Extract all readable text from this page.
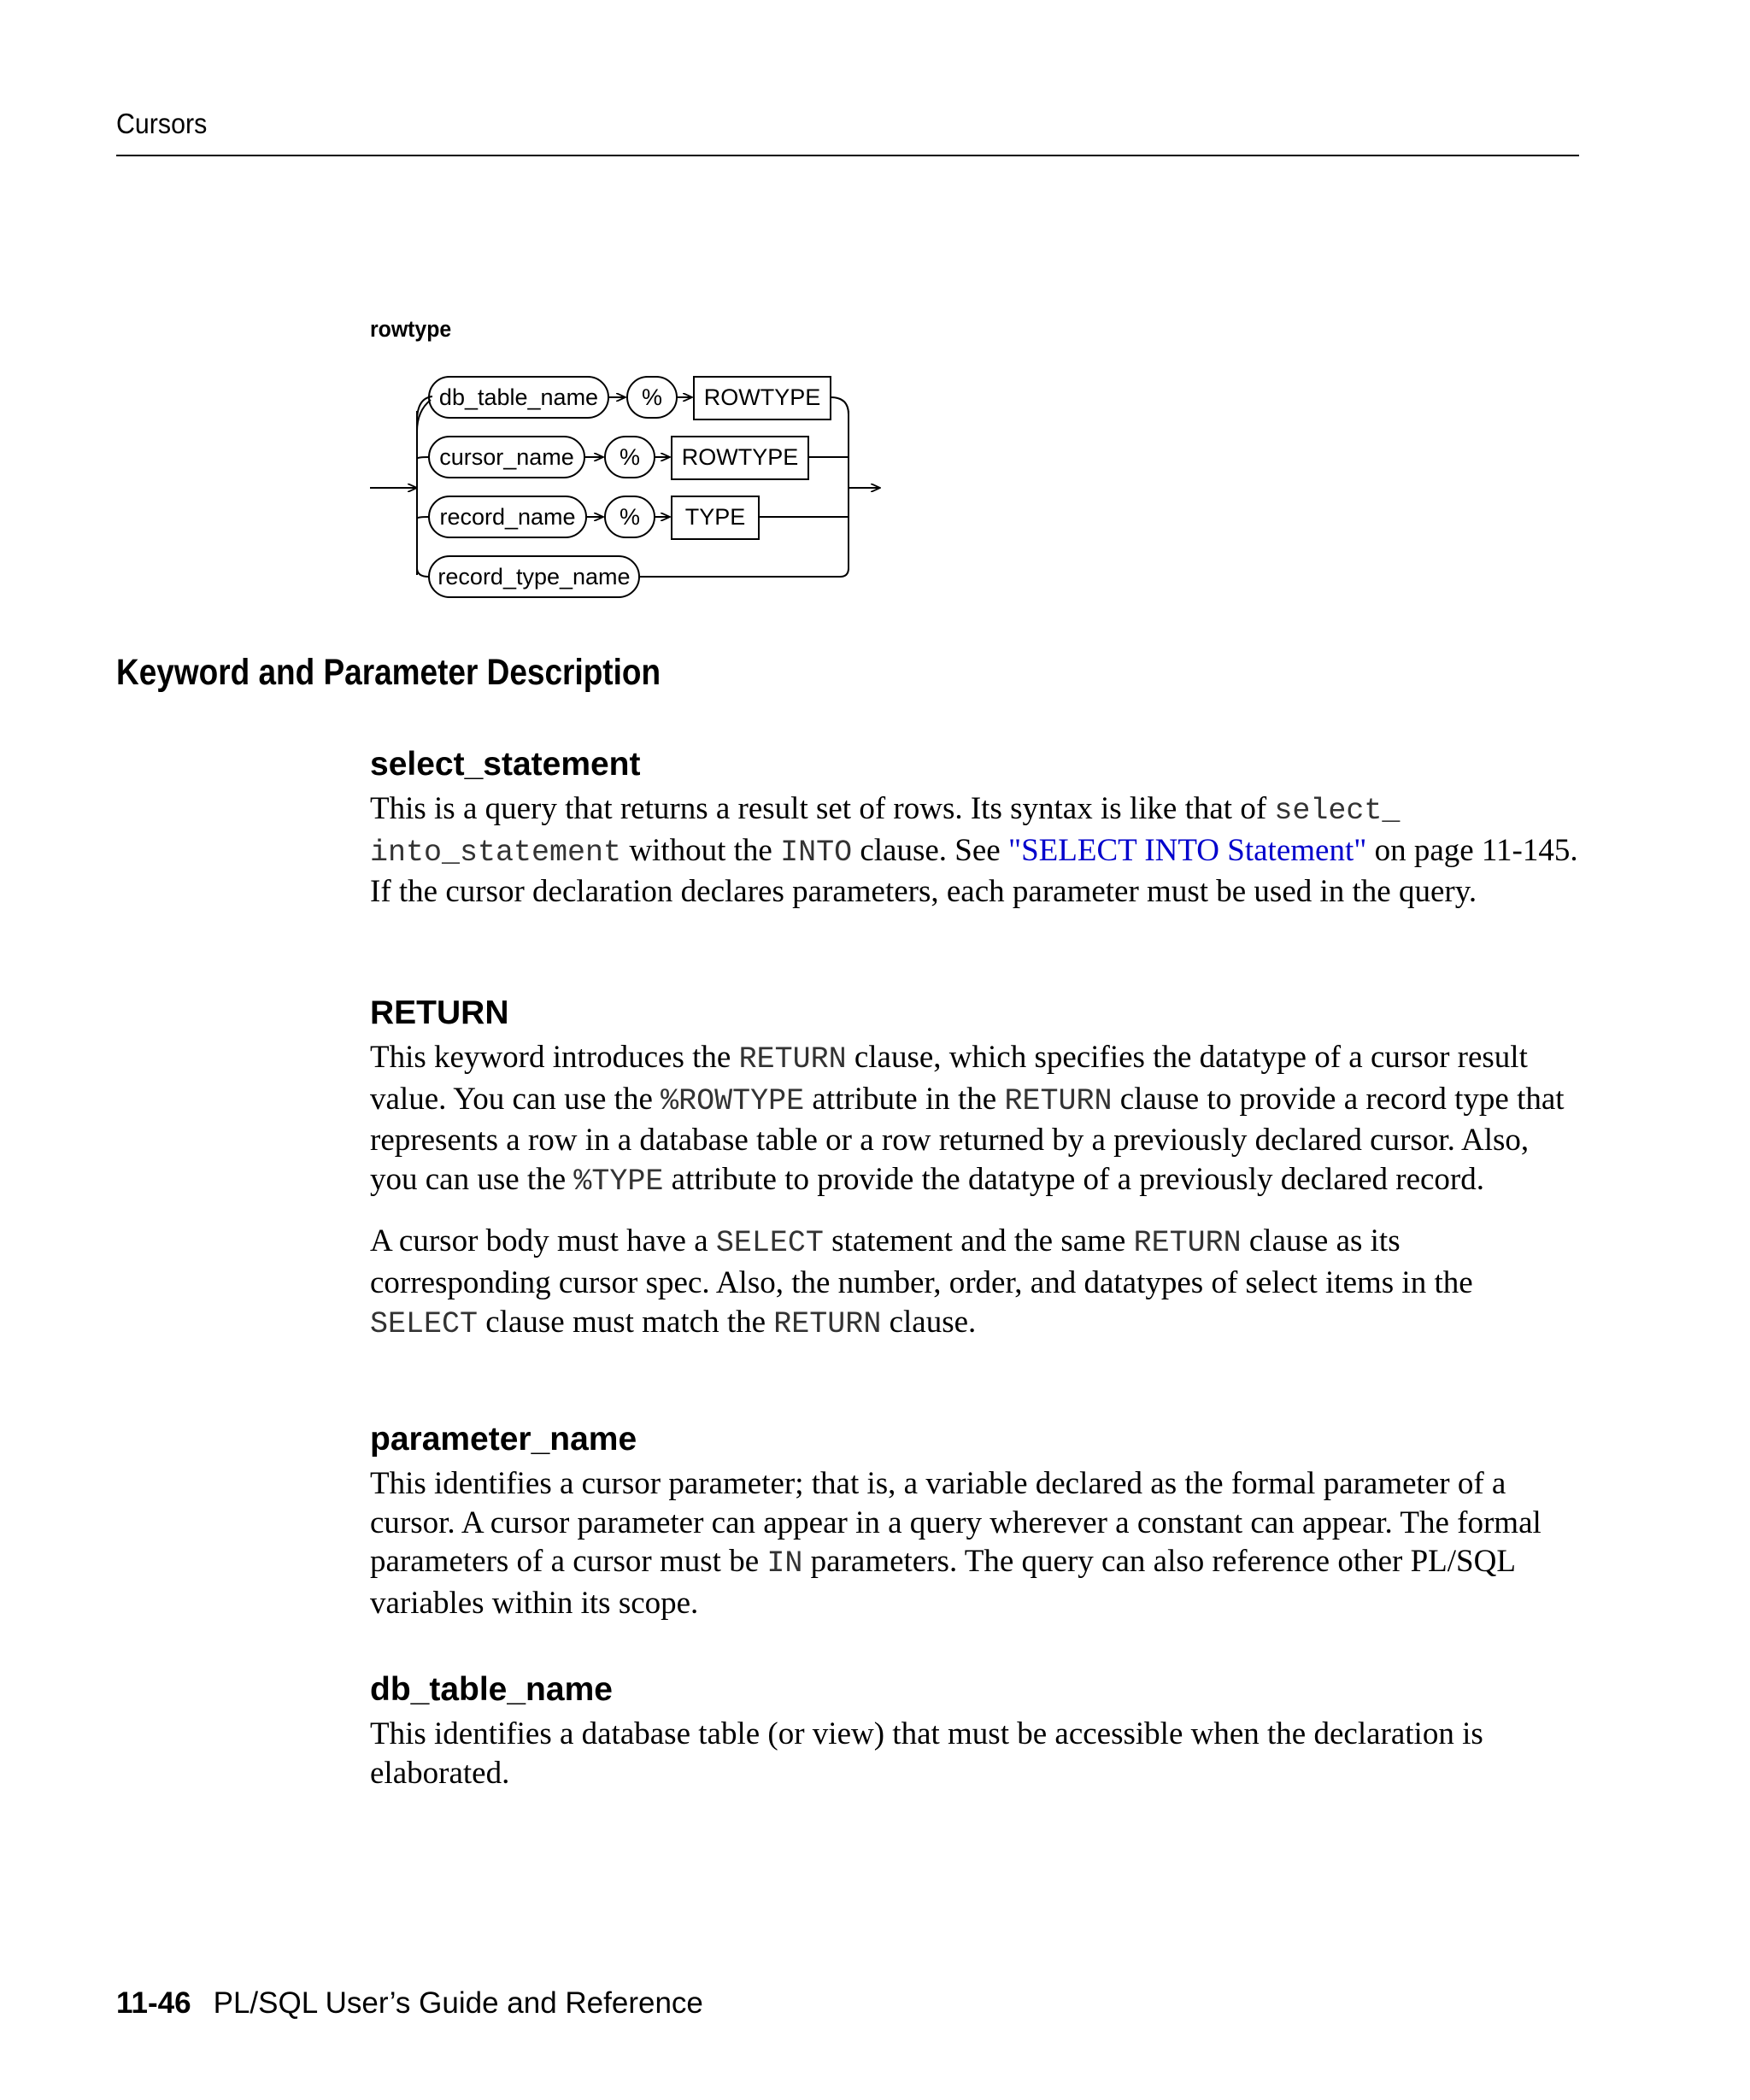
Cursors
rowtype
db_table_name % ROWTYPE
cursor_name % ROWTYPE
record_name % TYPE
record_type_name
Keyword and Parameter Description
select_statement

This is a query that returns a result set of rows. Its syntax is like that of select_
into_statement without the INTO clause. See "SELECT INTO Statement" on page 11-145. If the cursor declaration declares parameters, each parameter must be used in the query.

RETURN

This keyword introduces the RETURN clause, which specifies the datatype of a cursor result value. You can use the %ROWTYPE attribute in the RETURN clause to provide a record type that represents a row in a database table or a row returned by a previously declared cursor. Also, you can use the %TYPE attribute to provide the datatype of a previously declared record.

A cursor body must have a SELECT statement and the same RETURN clause as its corresponding cursor spec. Also, the number, order, and datatypes of select items in the SELECT clause must match the RETURN clause.

parameter_name

This identifies a cursor parameter; that is, a variable declared as the formal parameter of a cursor. A cursor parameter can appear in a query wherever a constant can appear. The formal parameters of a cursor must be IN parameters. The query can also reference other PL/SQL variables within its scope.

db_table_name

This identifies a database table (or view) that must be accessible when the declaration is elaborated.

11-46 PL/SQL User’s Guide and Reference
